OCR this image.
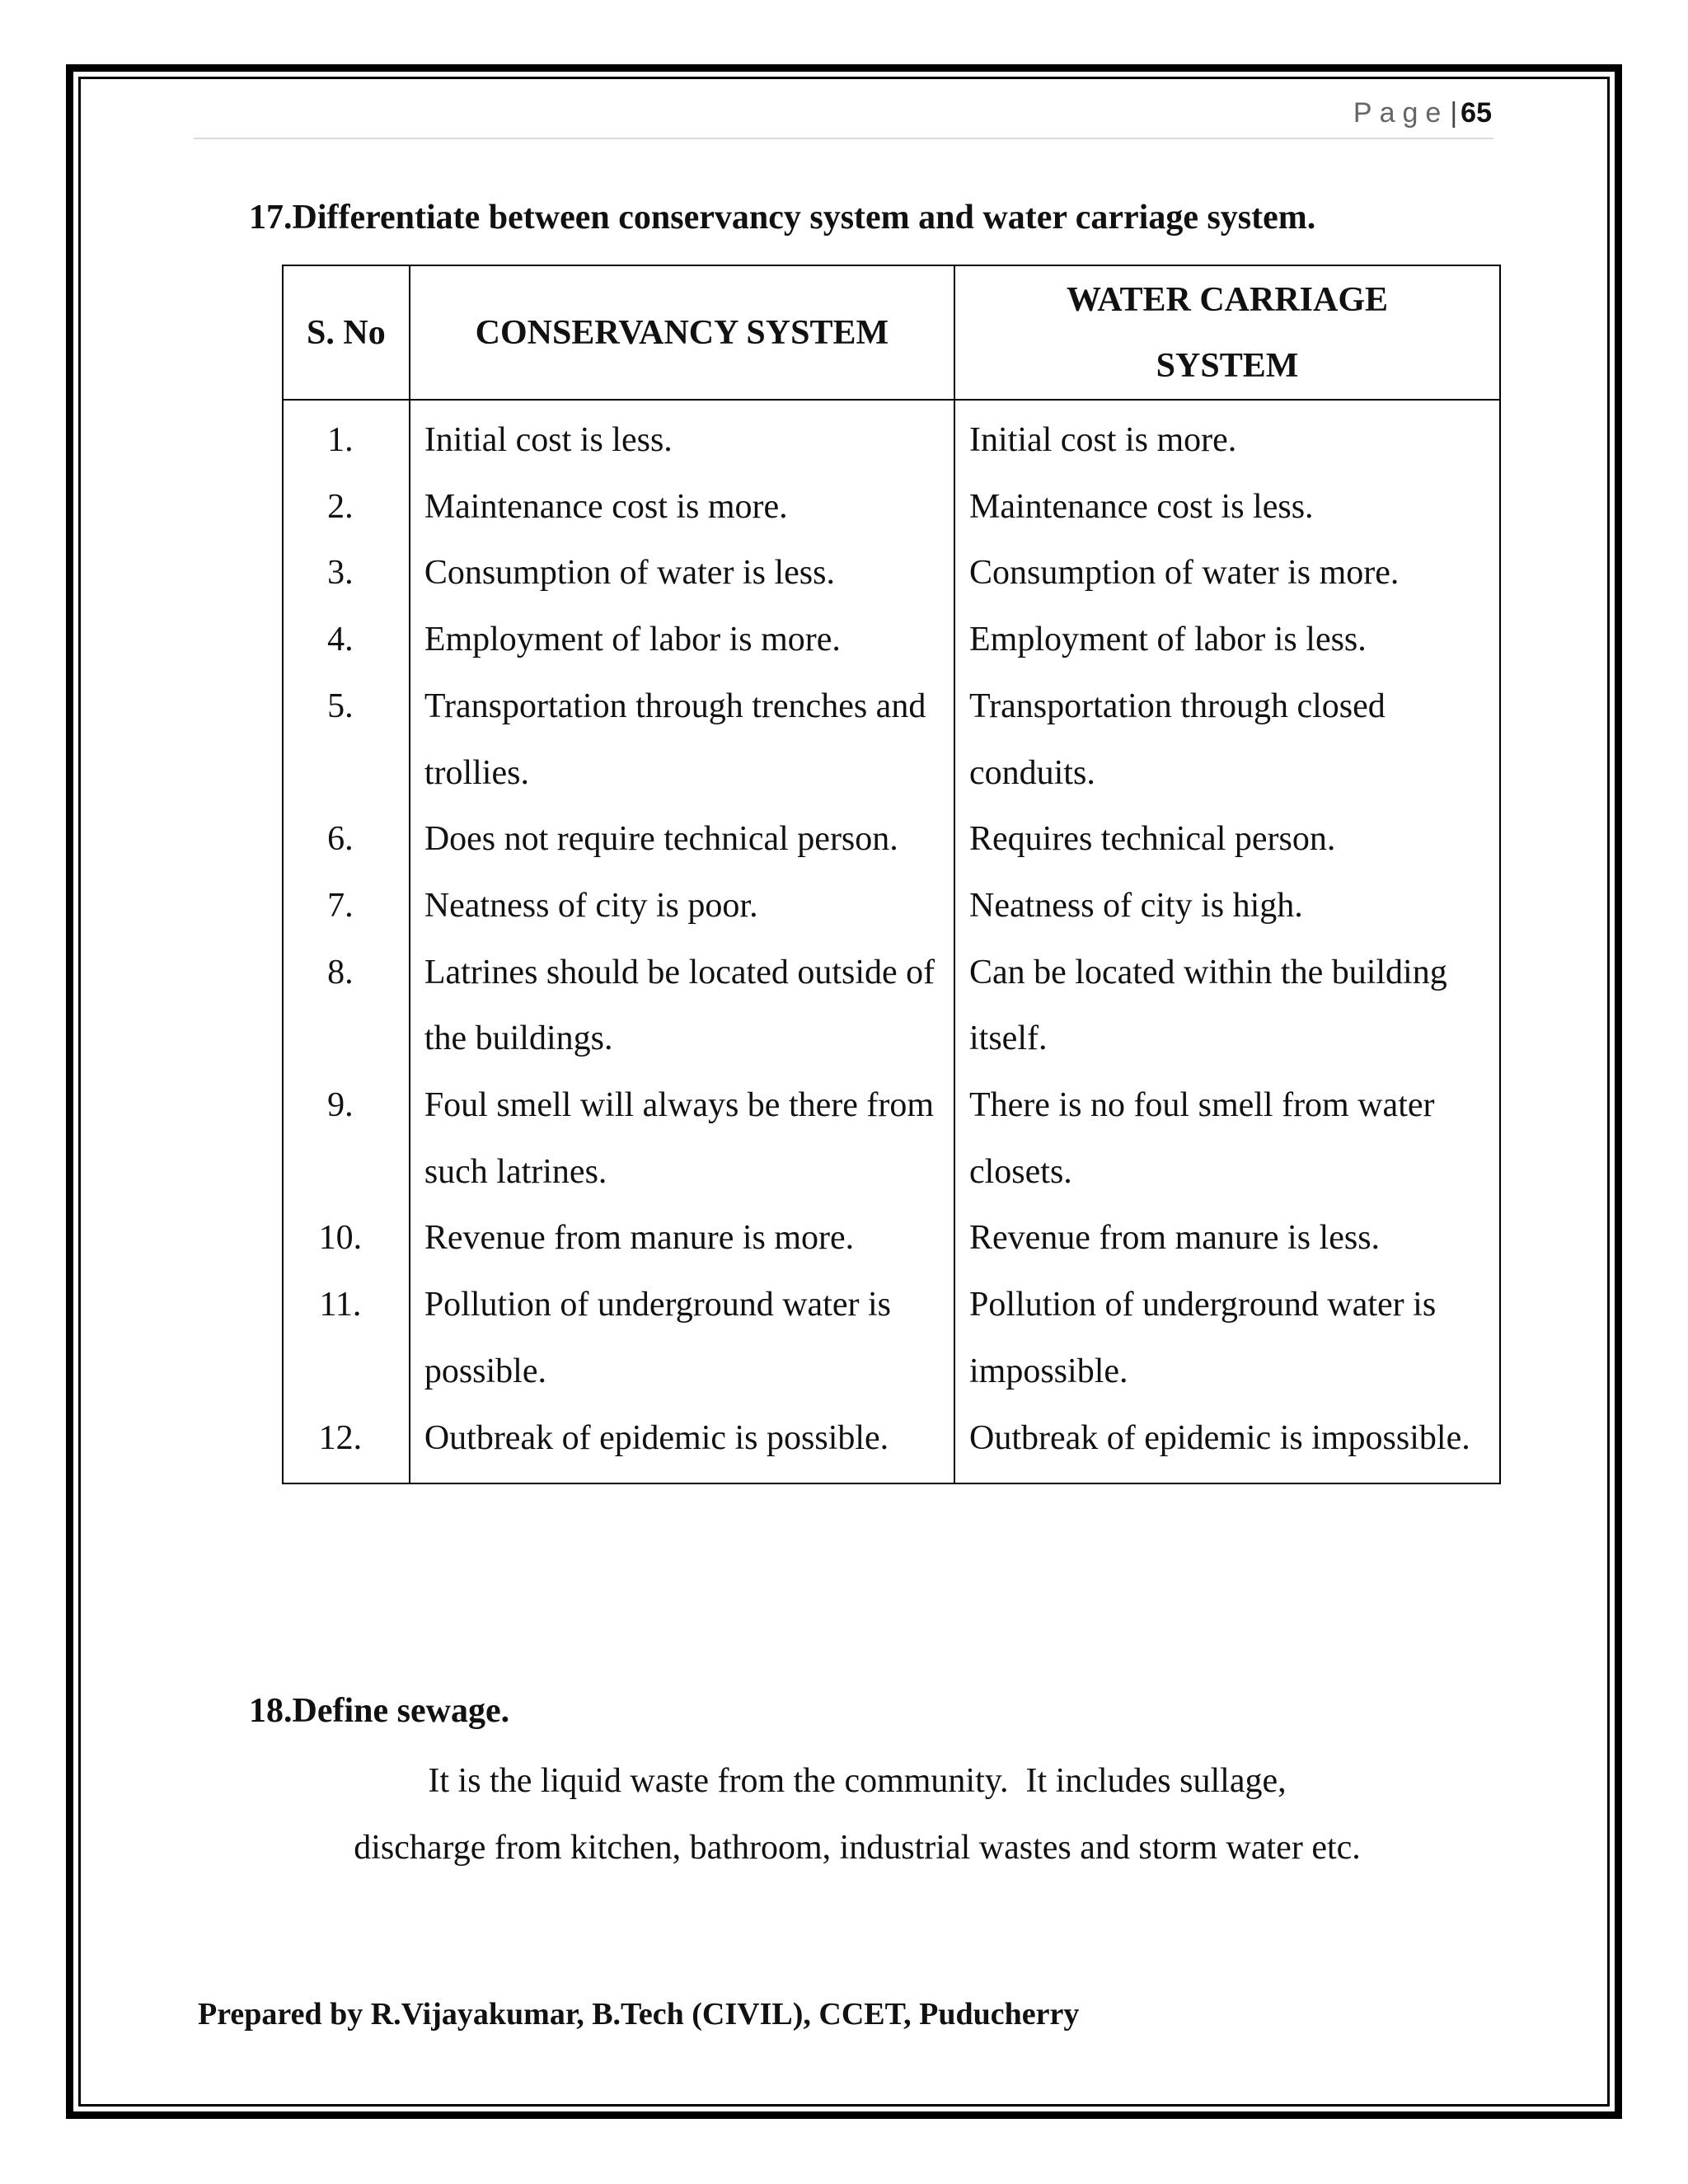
Page| 65
17.Differentiate between conservancy system and water carriage system.
S. No	CONSERVANCY SYSTEM	WATER CARRIAGE
SYSTEM
1.	Initial cost is less.	Initial cost is more.
2.	Maintenance cost is more.	Maintenance cost is less.
3.	Consumption of water is less.	Consumption of water is more.
4.	Employment of labor is more.	Employment of labor is less.
5.	Transportation through trenches and trollies.	Transportation through closed conduits.
6.	Does not require technical person.	Requires technical person.
7.	Neatness of city is poor.	Neatness of city is high.
8.	Latrines should be located outside of the buildings.	Can be located within the building itself.
9.	Foul smell will always be there from such latrines.	There is no foul smell from water closets.
10.	Revenue from manure is more.	Revenue from manure is less.
11.	Pollution of underground water is possible.	Pollution of underground water is impossible.
12.	Outbreak of epidemic is possible.	Outbreak of epidemic is impossible.
18.Define sewage.
It is the liquid waste from the community.  It includes sullage,
discharge from kitchen, bathroom, industrial wastes and storm water etc.
Prepared by R.Vijayakumar, B.Tech (CIVIL), CCET, Puducherry
